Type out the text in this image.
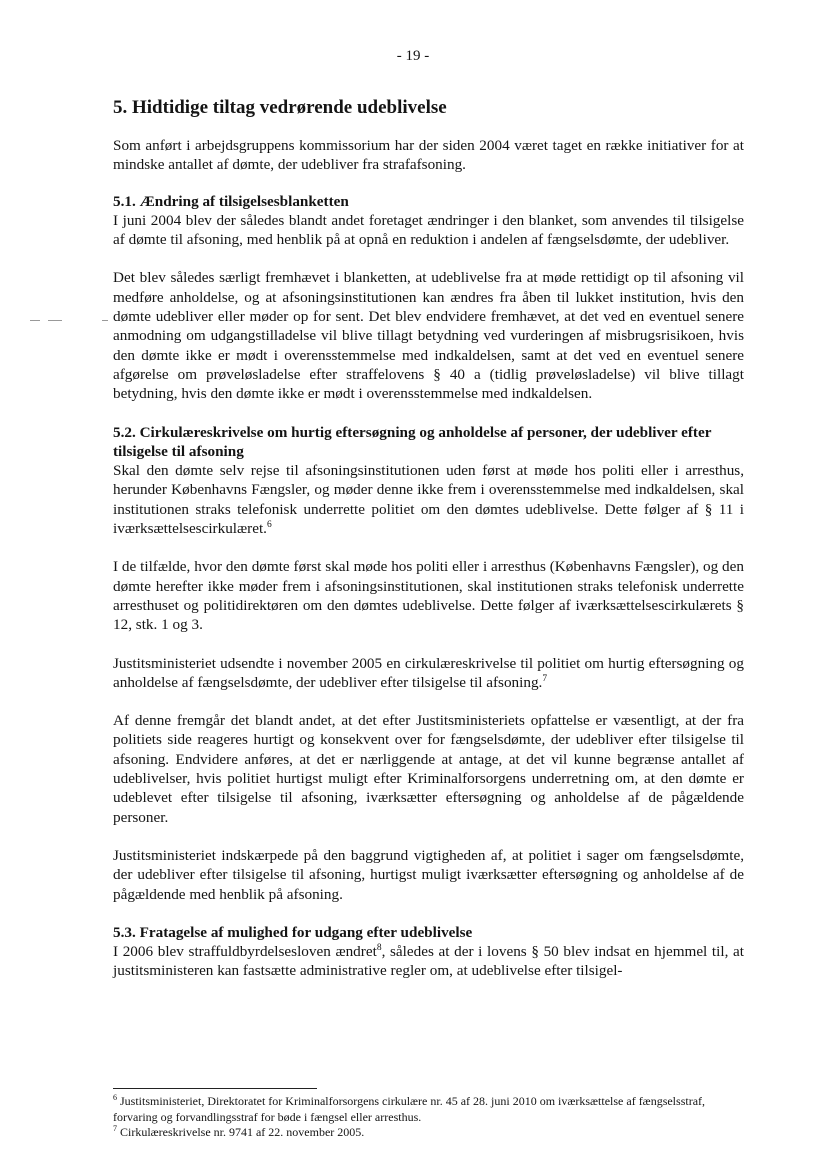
- 19 -
5. Hidtidige tiltag vedrørende udeblivelse

Som anført i arbejdsgruppens kommissorium har der siden 2004 været taget en række initiativer for at mindske antallet af dømte, der udebliver fra strafafsoning.

5.1. Ændring af tilsigelsesblanketten

I juni 2004 blev der således blandt andet foretaget ændringer i den blanket, som anvendes til tilsigelse af dømte til afsoning, med henblik på at opnå en reduktion i andelen af fængselsdømte, der udebliver.

Det blev således særligt fremhævet i blanketten, at udeblivelse fra at møde rettidigt op til afsoning vil medføre anholdelse, og at afsoningsinstitutionen kan ændres fra åben til lukket institution, hvis den dømte udebliver eller møder op for sent. Det blev endvidere fremhævet, at det ved en eventuel senere anmodning om udgangstilladelse vil blive tillagt betydning ved vurderingen af misbrugsrisikoen, hvis den dømte ikke er mødt i overensstemmelse med indkaldelsen, samt at det ved en eventuel senere afgørelse om prøveløsladelse efter straffelovens § 40 a (tidlig prøveløsladelse) vil blive tillagt betydning, hvis den dømte ikke er mødt i overensstemmelse med indkaldelsen.

5.2. Cirkulæreskrivelse om hurtig eftersøgning og anholdelse af personer, der udebliver efter tilsigelse til afsoning

Skal den dømte selv rejse til afsoningsinstitutionen uden først at møde hos politi eller i arresthus, herunder Københavns Fængsler, og møder denne ikke frem i overensstemmelse med indkaldelsen, skal institutionen straks telefonisk underrette politiet om den dømtes udeblivelse. Dette følger af § 11 i iværksættelsescirkulæret.$^6$

I de tilfælde, hvor den dømte først skal møde hos politi eller i arresthus (Københavns Fængsler), og den dømte herefter ikke møder frem i afsoningsinstitutionen, skal institutionen straks telefonisk underrette arresthuset og politidirektøren om den dømtes udeblivelse. Dette følger af iværksættelsescirkulærets § 12, stk. 1 og 3.

Justitsministeriet udsendte i november 2005 en cirkulæreskrivelse til politiet om hurtig eftersøgning og anholdelse af fængselsdømte, der udebliver efter tilsigelse til afsoning.$^7$

Af denne fremgår det blandt andet, at det efter Justitsministeriets opfattelse er væsentligt, at der fra politiets side reageres hurtigt og konsekvent over for fængselsdømte, der udebliver efter tilsigelse til afsoning. Endvidere anføres, at det er nærliggende at antage, at det vil kunne begrænse antallet af udeblivelser, hvis politiet hurtigst muligt efter Kriminalforsorgens underretning om, at den dømte er udeblevet efter tilsigelse til afsoning, iværksætter eftersøgning og anholdelse af de pågældende personer.

Justitsministeriet indskærpede på den baggrund vigtigheden af, at politiet i sager om fængselsdømte, der udebliver efter tilsigelse til afsoning, hurtigst muligt iværksætter eftersøgning og anholdelse af de pågældende med henblik på afsoning.

5.3. Fratagelse af mulighed for udgang efter udeblivelse

I 2006 blev straffuldbyrdelsesloven ændret$^8$, således at der i lovens § 50 blev indsat en hjemmel til, at justitsministeren kan fastsætte administrative regler om, at udeblivelse efter tilsigel-

$^6$ Justitsministeriet, Direktoratet for Kriminalforsorgens cirkulære nr. 45 af 28. juni 2010 om iværksættelse af fængselsstraf, forvaring og forvandlingsstraf for bøde i fængsel eller arresthus.

$^7$ Cirkulæreskrivelse nr. 9741 af 22. november 2005.
